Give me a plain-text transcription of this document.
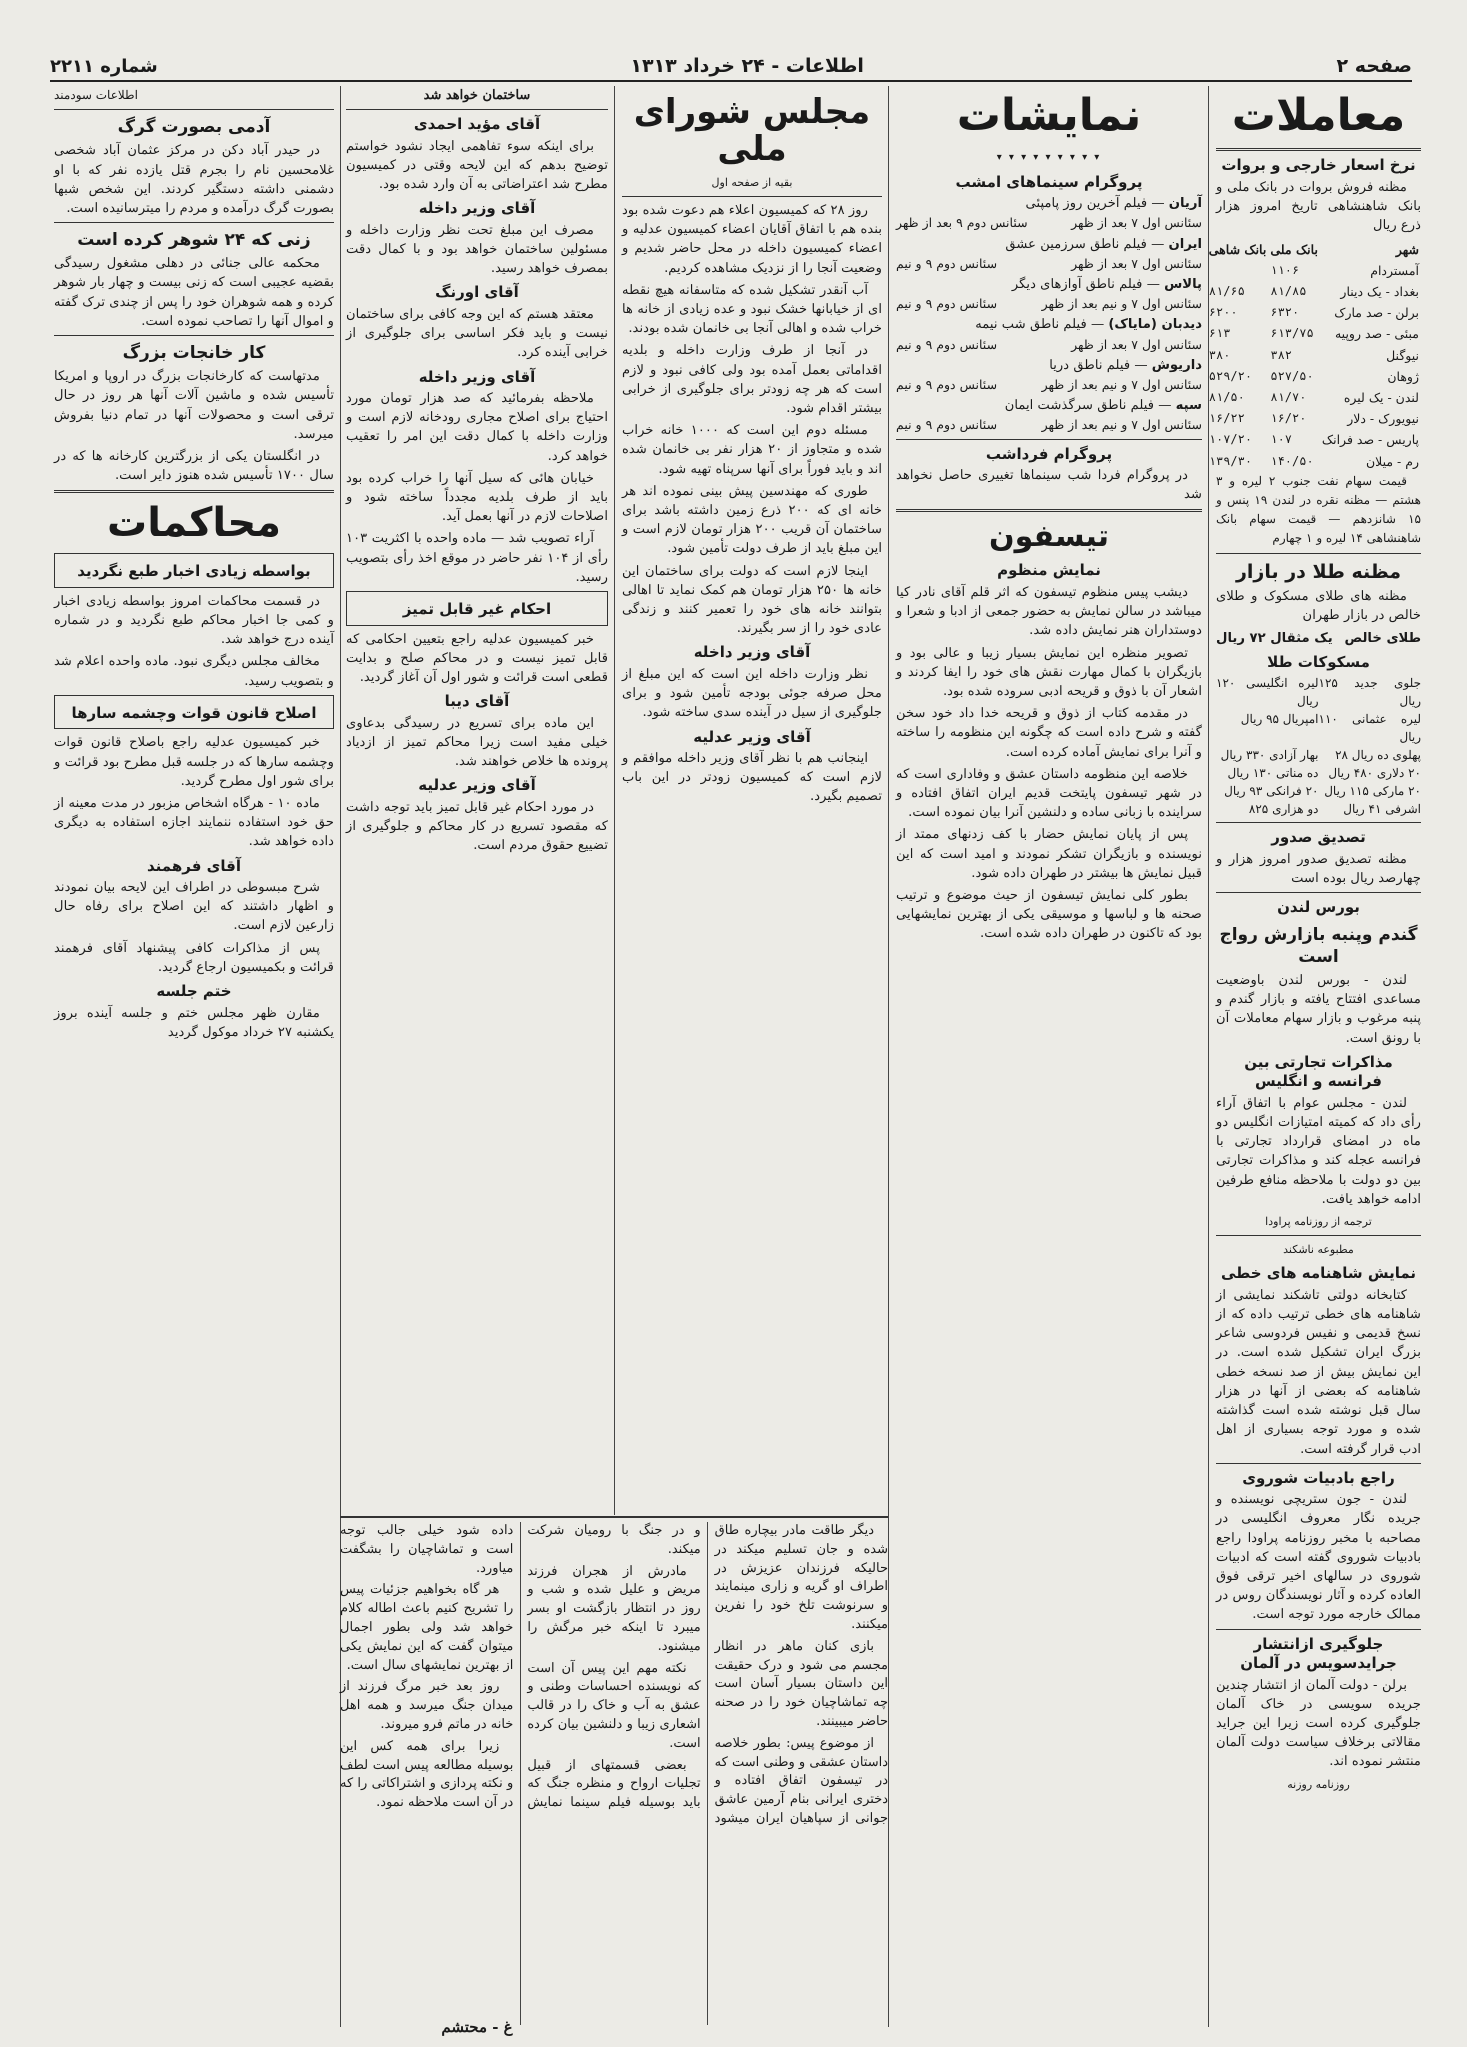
صفحه ۲
اطلاعات - ۲۴ خرداد ۱۳۱۳
شماره ۲۲۱۱
معاملات
نرخ اسعار خارجی و بروات

مظنه فروش بروات در بانک ملی و بانک شاهنشاهی تاریخ امروز هزار ذرع ریال

شهر	بانک ملی	بانک شاهی
آمستردام	۱۱۰۶	
بغداد - یک دینار	۸۱/۸۵	۸۱/۶۵
برلن - صد مارک	۶۳۲۰	۶۲۰۰
مبئی - صد روپیه	۶۱۳/۷۵	۶۱۳
نیوگنل	۳۸۲	۳۸۰
ژوهان	۵۲۷/۵۰	۵۲۹/۲۰
لندن - یک لیره	۸۱/۷۰	۸۱/۵۰
نیویورک - دلار	۱۶/۲۰	۱۶/۲۲
پاریس - صد فرانک	۱۰۷	۱۰۷/۲۰
رم - میلان	۱۴۰/۵۰	۱۳۹/۳۰

قیمت سهام نفت جنوب ۲ لیره و ۳ هشتم — مظنه نقره در لندن ۱۹ پنس و ۱۵ شانزدهم — قیمت سهام بانک شاهنشاهی ۱۴ لیره و ۱ چهارم

مظنه طلا در بازار

مظنه های طلای مسکوک و طلای خالص در بازار طهران

طلای خالص
یک مثقال ۷۲ ریال
مسکوکات طلا
جلوی جدید ۱۲۵ ریال
لیره انگلیسی ۱۲۰ ریال
لیره عثمانی ۱۱۰ ریال
امپریال ۹۵ ریال
پهلوی ده ریال ۲۸
بهار آزادی ۳۳۰ ریال
۲۰ دلاری ۴۸۰ ریال
ده مناتی ۱۳۰ ریال
۲۰ مارکی ۱۱۵ ریال
۲۰ فرانکی ۹۳ ریال
اشرفی ۴۱ ریال
دو هزاری ۸۲۵
تصدیق صدور

مظنه تصدیق صدور امروز هزار و چهارصد ریال بوده است

بورس لندن
گندم وپنبه بازارش رواج است

لندن - بورس لندن باوضعیت مساعدی افتتاح یافته و بازار گندم و پنبه مرغوب و بازار سهام معاملات آن با رونق است.

مذاکرات تجارتی بین فرانسه و انگلیس

لندن - مجلس عوام با اتفاق آراء رأی داد که کمیته امتیازات انگلیس دو ماه در امضای قرارداد تجارتی با فرانسه عجله کند و مذاکرات تجارتی بین دو دولت با ملاحظه منافع طرفین ادامه خواهد یافت.

ترجمه از روزنامه پراودا
مطبوعه ناشکند
نمایش شاهنامه های خطی

کتابخانه دولتی تاشکند نمایشی از شاهنامه های خطی ترتیب داده که از نسخ قدیمی و نفیس فردوسی شاعر بزرگ ایران تشکیل شده است. در این نمایش بیش از صد نسخه خطی شاهنامه که بعضی از آنها در هزار سال قبل نوشته شده است گذاشته شده و مورد توجه بسیاری از اهل ادب قرار گرفته است.

راجع بادبیات شوروی

لندن - جون ستریچی نویسنده و جریده نگار معروف انگلیسی در مصاحبه با مخبر روزنامه پراودا راجع بادبیات شوروی گفته است که ادبیات شوروی در سالهای اخیر ترقی فوق العاده کرده و آثار نویسندگان روس در ممالک خارجه مورد توجه است.

جلوگیری ازانتشار جرایدسویس در آلمان

برلن - دولت آلمان از انتشار چندین جریده سویسی در خاک آلمان جلوگیری کرده است زیرا این جراید مقالاتی برخلاف سیاست دولت آلمان منتشر نموده اند.

روزنامه روزنه
نمایشات
▾ ▾ ▾ ▾ ▾ ▾ ▾ ▾ ▾
پروگرام سینماهای امشب
آریان — فیلم آخرین روز پامپئی
سئانس اول ۷ بعد از ظهر
سئانس دوم ۹ بعد از ظهر
ایران — فیلم ناطق سرزمین عشق
سئانس اول ۷ بعد از ظهر
سئانس دوم ۹ و نیم
پالاس — فیلم ناطق آوازهای دیگر
سئانس اول ۷ و نیم بعد از ظهر
سئانس دوم ۹ و نیم
دیدبان (مایاک) — فیلم ناطق شب نیمه
سئانس اول ۷ بعد از ظهر
سئانس دوم ۹ و نیم
داریوش — فیلم ناطق دریا
سئانس اول ۷ و نیم بعد از ظهر
سئانس دوم ۹ و نیم
سپه — فیلم ناطق سرگذشت ایمان
سئانس اول ۷ و نیم بعد از ظهر
سئانس دوم ۹ و نیم
پروگرام فرداشب

در پروگرام فردا شب سینماها تغییری حاصل نخواهد شد

تیسفون
نمایش منظوم

دیشب پیس منظوم تیسفون که اثر قلم آقای نادر کیا میباشد در سالن نمایش به حضور جمعی از ادبا و شعرا و دوستداران هنر نمایش داده شد.

تصویر منظره این نمایش بسیار زیبا و عالی بود و بازیگران با کمال مهارت نقش های خود را ایفا کردند و اشعار آن با ذوق و قریحه ادبی سروده شده بود.

در مقدمه کتاب از ذوق و قریحه خدا داد خود سخن گفته و شرح داده است که چگونه این منظومه را ساخته و آنرا برای نمایش آماده کرده است.

خلاصه این منظومه داستان عشق و وفاداری است که در شهر تیسفون پایتخت قدیم ایران اتفاق افتاده و سراینده با زبانی ساده و دلنشین آنرا بیان نموده است.

پس از پایان نمایش حضار با کف زدنهای ممتد از نویسنده و بازیگران تشکر نمودند و امید است که این قبیل نمایش ها بیشتر در طهران داده شود.

بطور کلی نمایش تیسفون از حیث موضوع و ترتیب صحنه ها و لباسها و موسیقی یکی از بهترین نمایشهایی بود که تاکنون در طهران داده شده است.

مجلس شورای ملی
بقیه از صفحه اول

روز ۲۸ که کمیسیون اعلاء هم دعوت شده بود بنده هم با اتفاق آقایان اعضاء کمیسیون عدلیه و اعضاء کمیسیون داخله در محل حاضر شدیم و وضعیت آنجا را از نزدیک مشاهده کردیم.

آب آنقدر تشکیل شده که متاسفانه هیچ نقطه ای از خیابانها خشک نبود و عده زیادی از خانه ها خراب شده و اهالی آنجا بی خانمان شده بودند.

در آنجا از طرف وزارت داخله و بلدیه اقداماتی بعمل آمده بود ولی کافی نبود و لازم است که هر چه زودتر برای جلوگیری از خرابی بیشتر اقدام شود.

مسئله دوم این است که ۱۰۰۰ خانه خراب شده و متجاوز از ۲۰ هزار نفر بی خانمان شده اند و باید فوراً برای آنها سرپناه تهیه شود.

طوری که مهندسین پیش بینی نموده اند هر خانه ای که ۲۰۰ ذرع زمین داشته باشد برای ساختمان آن قریب ۲۰۰ هزار تومان لازم است و این مبلغ باید از طرف دولت تأمین شود.

اینجا لازم است که دولت برای ساختمان این خانه ها ۲۵۰ هزار تومان هم کمک نماید تا اهالی بتوانند خانه های خود را تعمیر کنند و زندگی عادی خود را از سر بگیرند.

آقای وزیر داخله

نظر وزارت داخله این است که این مبلغ از محل صرفه جوئی بودجه تأمین شود و برای جلوگیری از سیل در آینده سدی ساخته شود.

آقای وزیر عدلیه

اینجانب هم با نظر آقای وزیر داخله موافقم و لازم است که کمیسیون زودتر در این باب تصمیم بگیرد.

ساختمان خواهد شد
آقای مؤید احمدی

برای اینکه سوء تفاهمی ایجاد نشود خواستم توضیح بدهم که این لایحه وقتی در کمیسیون مطرح شد اعتراضاتی به آن وارد شده بود.

آقای وزیر داخله

مصرف این مبلغ تحت نظر وزارت داخله و مسئولین ساختمان خواهد بود و با کمال دقت بمصرف خواهد رسید.

آقای اورنگ

معتقد هستم که این وجه کافی برای ساختمان نیست و باید فکر اساسی برای جلوگیری از خرابی آینده کرد.

آقای وزیر داخله

ملاحظه بفرمائید که صد هزار تومان مورد احتیاج برای اصلاح مجاری رودخانه لازم است و وزارت داخله با کمال دقت این امر را تعقیب خواهد کرد.

خیابان هائی که سیل آنها را خراب کرده بود باید از طرف بلدیه مجدداً ساخته شود و اصلاحات لازم در آنها بعمل آید.

آراء تصویب شد — ماده واحده با اکثریت ۱۰۳ رأی از ۱۰۴ نفر حاضر در موقع اخذ رأی بتصویب رسید.

احکام غیر قابل تمیز

خبر کمیسیون عدلیه راجع بتعیین احکامی که قابل تمیز نیست و در محاکم صلح و بدایت قطعی است قرائت و شور اول آن آغاز گردید.

آقای دیبا

این ماده برای تسریع در رسیدگی بدعاوی خیلی مفید است زیرا محاکم تمیز از ازدیاد پرونده ها خلاص خواهند شد.

آقای وزیر عدلیه

در مورد احکام غیر قابل تمیز باید توجه داشت که مقصود تسریع در کار محاکم و جلوگیری از تضییع حقوق مردم است.

اطلاعات سودمند
آدمی بصورت گرگ

در حیدر آباد دکن در مرکز عثمان آباد شخصی غلامحسین نام را بجرم قتل یازده نفر که با او دشمنی داشته دستگیر کردند. این شخص شبها بصورت گرگ درآمده و مردم را میترسانیده است.

زنی که ۲۴ شوهر کرده است

محکمه عالی جنائی در دهلی مشغول رسیدگی بقضیه عجیبی است که زنی بیست و چهار بار شوهر کرده و همه شوهران خود را پس از چندی ترک گفته و اموال آنها را تصاحب نموده است.

کار خانجات بزرگ

مدتهاست که کارخانجات بزرگ در اروپا و امریکا تأسیس شده و ماشین آلات آنها هر روز در حال ترقی است و محصولات آنها در تمام دنیا بفروش میرسد.

در انگلستان یکی از بزرگترین کارخانه ها که در سال ۱۷۰۰ تأسیس شده هنوز دایر است.

محاکمات
بواسطه زیادی اخبار طبع نگردید

در قسمت محاکمات امروز بواسطه زیادی اخبار و کمی جا اخبار محاکم طبع نگردید و در شماره آینده درج خواهد شد.

مخالف مجلس دیگری نبود. ماده واحده اعلام شد و بتصویب رسید.

اصلاح قانون قوات وچشمه سارها

خبر کمیسیون عدلیه راجع باصلاح قانون قوات وچشمه سارها که در جلسه قبل مطرح بود قرائت و برای شور اول مطرح گردید.

ماده ۱۰ - هرگاه اشخاص مزبور در مدت معینه از حق خود استفاده ننمایند اجازه استفاده به دیگری داده خواهد شد.

آقای فرهمند

شرح مبسوطی در اطراف این لایحه بیان نمودند و اظهار داشتند که این اصلاح برای رفاه حال زارعین لازم است.

پس از مذاکرات کافی پیشنهاد آقای فرهمند قرائت و بکمیسیون ارجاع گردید.

ختم جلسه

مقارن ظهر مجلس ختم و جلسه آینده بروز یکشنبه ۲۷ خرداد موکول گردید

دیگر طاقت مادر بیچاره طاق شده و جان تسلیم میکند در حالیکه فرزندان عزیزش در اطراف او گریه و زاری مینمایند و سرنوشت تلخ خود را نفرین میکنند.

بازی کنان ماهر در انظار مجسم می شود و درک حقیقت این داستان بسیار آسان است چه تماشاچیان خود را در صحنه حاضر میبینند.

از موضوع پیس: بطور خلاصه داستان عشقی و وطنی است که در تیسفون اتفاق افتاده و دختری ایرانی بنام آرمین عاشق جوانی از سپاهیان ایران میشود و در جنگ با رومیان شرکت میکند.

مادرش از هجران فرزند مریض و علیل شده و شب و روز در انتظار بازگشت او بسر میبرد تا اینکه خبر مرگش را میشنود.

نکته مهم این پیس آن است که نویسنده احساسات وطنی و عشق به آب و خاک را در قالب اشعاری زیبا و دلنشین بیان کرده است.

بعضی قسمتهای از قبیل تجلیات ارواح و منظره جنگ که باید بوسیله فیلم سینما نمایش داده شود خیلی جالب توجه است و تماشاچیان را بشگفت میاورد.

هر گاه بخواهیم جزئیات پیس را تشریح کنیم باعث اطاله کلام خواهد شد ولی بطور اجمال میتوان گفت که این نمایش یکی از بهترین نمایشهای سال است.

روز بعد خبر مرگ فرزند از میدان جنگ میرسد و همه اهل خانه در ماتم فرو میروند.

زیرا برای همه کس این بوسیله مطالعه پیس است لطف و نکته پردازی و اشتراکاتی را که در آن است ملاحظه نمود.

غ - محتشم
